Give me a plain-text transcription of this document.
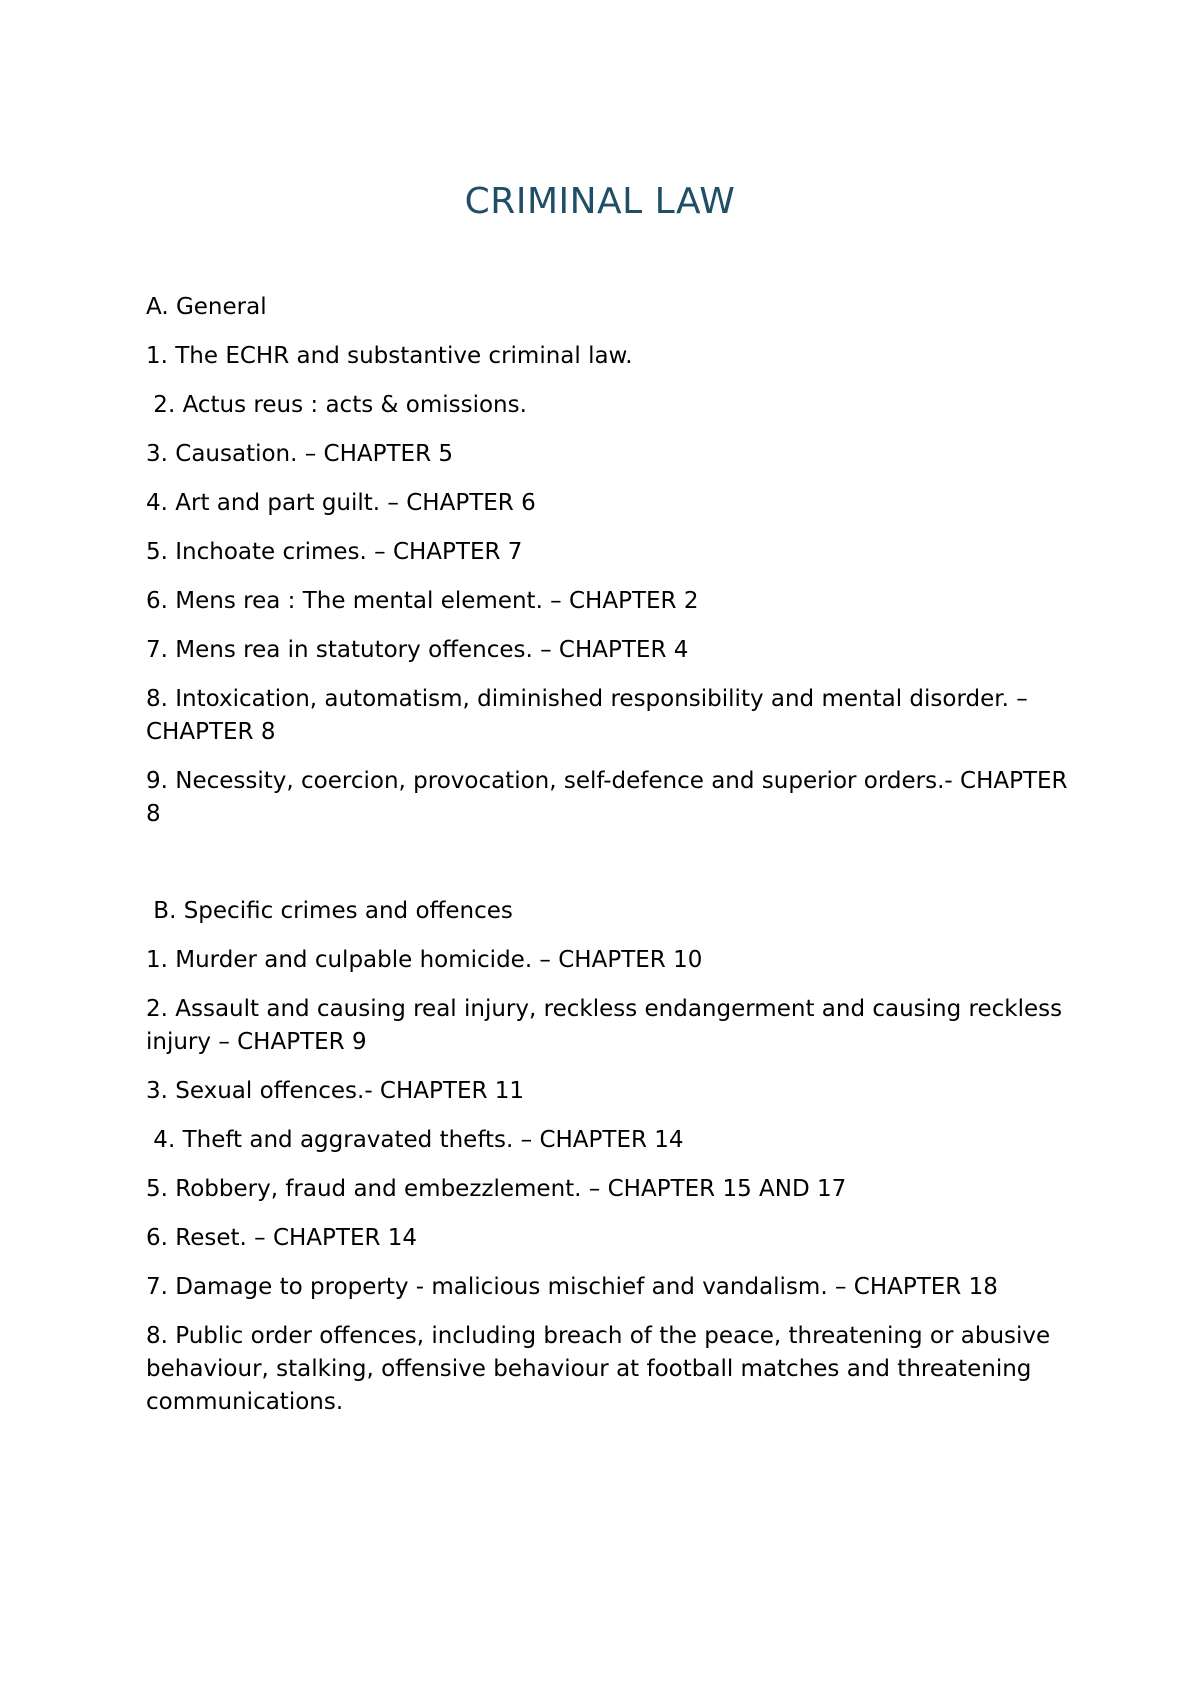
CRIMINAL LAW

A. General

1. The ECHR and substantive criminal law.

2. Actus reus : acts & omissions.

3. Causation. – CHAPTER 5

4. Art and part guilt. – CHAPTER 6

5. Inchoate crimes. – CHAPTER 7

6. Mens rea : The mental element. – CHAPTER 2

7. Mens rea in statutory offences. – CHAPTER 4

8. Intoxication, automatism, diminished responsibility and mental disorder. – CHAPTER 8

9. Necessity, coercion, provocation, self-defence and superior orders.- CHAPTER 8

B. Specific crimes and offences

1. Murder and culpable homicide. – CHAPTER 10

2. Assault and causing real injury, reckless endangerment and causing reckless injury – CHAPTER 9

3. Sexual offences.- CHAPTER 11

4. Theft and aggravated thefts. – CHAPTER 14

5. Robbery, fraud and embezzlement. – CHAPTER 15 AND 17

6. Reset. – CHAPTER 14

7. Damage to property - malicious mischief and vandalism. – CHAPTER 18

8. Public order offences, including breach of the peace, threatening or abusive behaviour, stalking, offensive behaviour at football matches and threatening communications.
